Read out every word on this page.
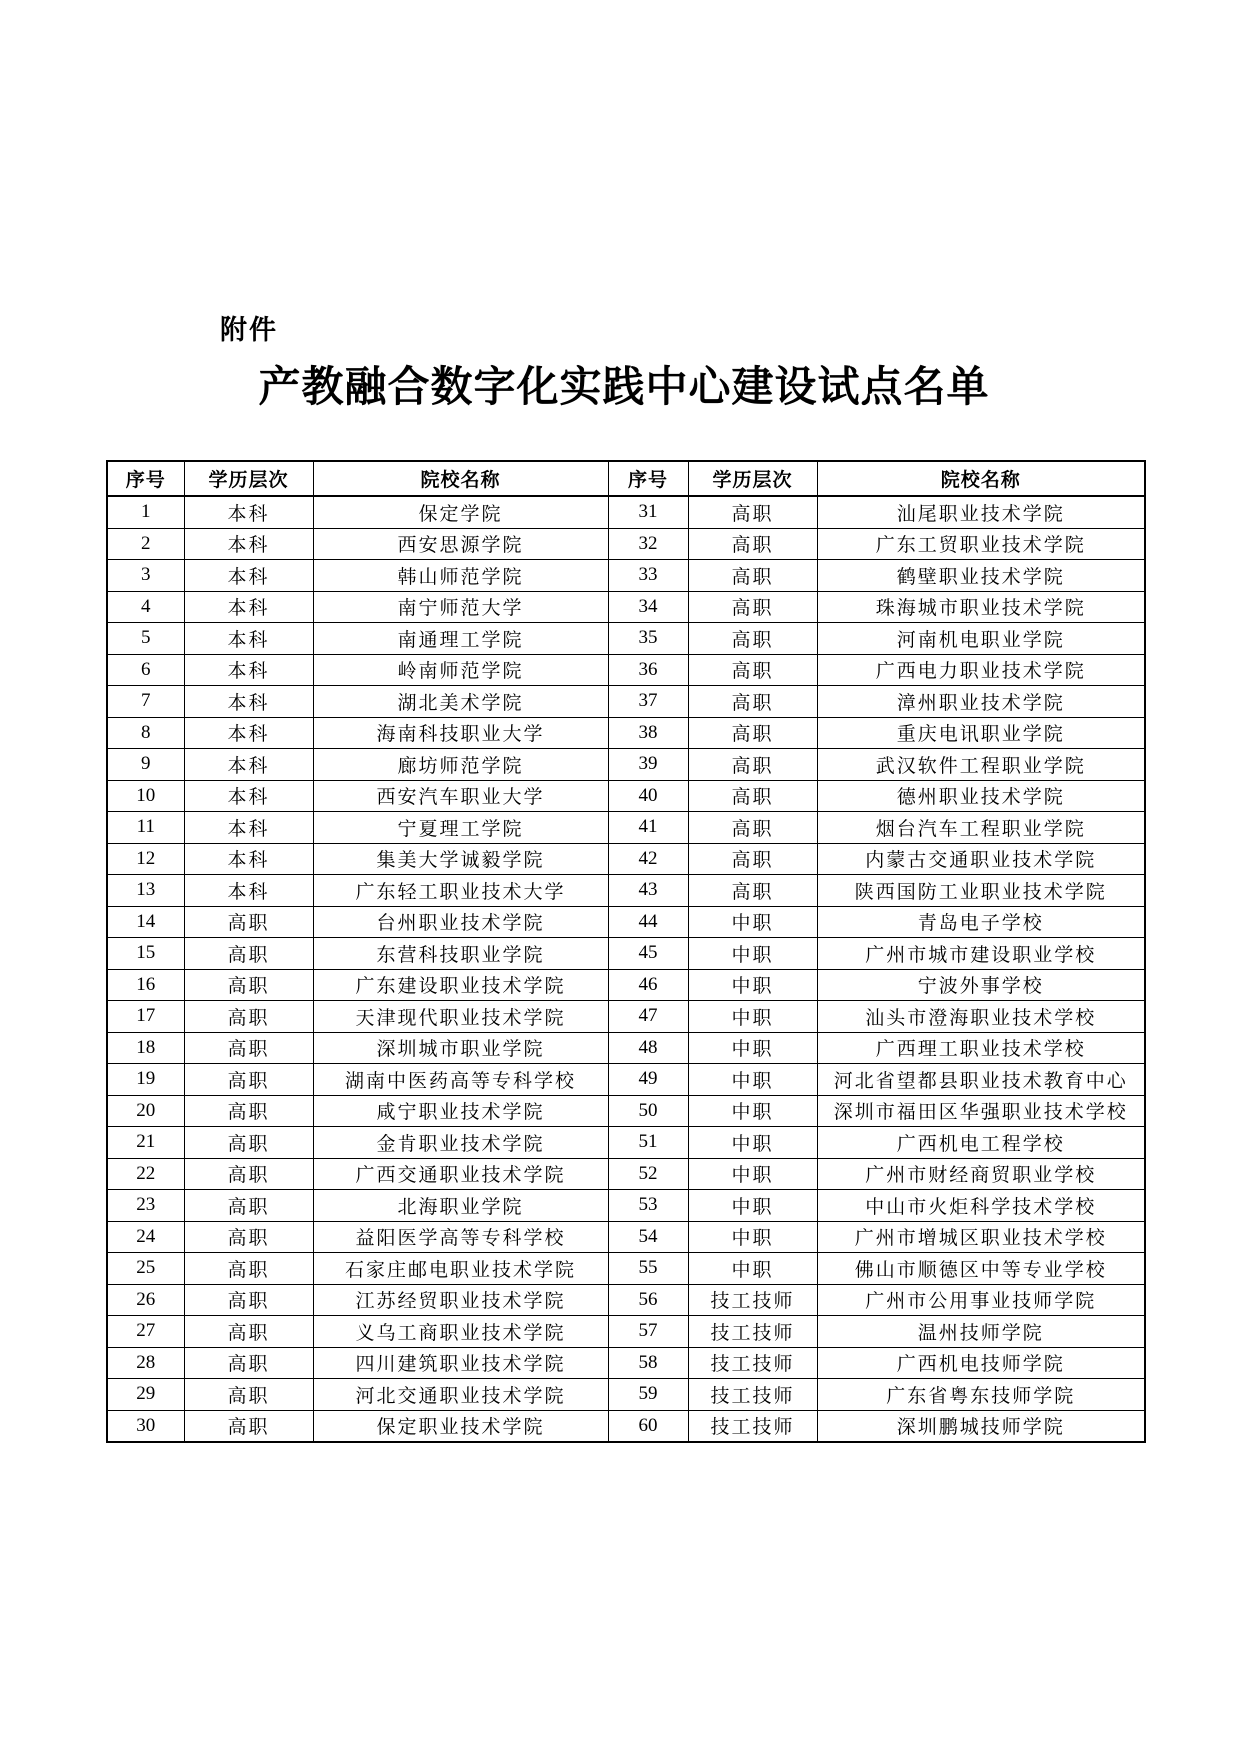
附件
产教融合数字化实践中心建设试点名单
序号	学历层次	院校名称	序号	学历层次	院校名称
1	本科	保定学院	31	高职	汕尾职业技术学院
2	本科	西安思源学院	32	高职	广东工贸职业技术学院
3	本科	韩山师范学院	33	高职	鹤壁职业技术学院
4	本科	南宁师范大学	34	高职	珠海城市职业技术学院
5	本科	南通理工学院	35	高职	河南机电职业学院
6	本科	岭南师范学院	36	高职	广西电力职业技术学院
7	本科	湖北美术学院	37	高职	漳州职业技术学院
8	本科	海南科技职业大学	38	高职	重庆电讯职业学院
9	本科	廊坊师范学院	39	高职	武汉软件工程职业学院
10	本科	西安汽车职业大学	40	高职	德州职业技术学院
11	本科	宁夏理工学院	41	高职	烟台汽车工程职业学院
12	本科	集美大学诚毅学院	42	高职	内蒙古交通职业技术学院
13	本科	广东轻工职业技术大学	43	高职	陕西国防工业职业技术学院
14	高职	台州职业技术学院	44	中职	青岛电子学校
15	高职	东营科技职业学院	45	中职	广州市城市建设职业学校
16	高职	广东建设职业技术学院	46	中职	宁波外事学校
17	高职	天津现代职业技术学院	47	中职	汕头市澄海职业技术学校
18	高职	深圳城市职业学院	48	中职	广西理工职业技术学校
19	高职	湖南中医药高等专科学校	49	中职	河北省望都县职业技术教育中心
20	高职	咸宁职业技术学院	50	中职	深圳市福田区华强职业技术学校
21	高职	金肯职业技术学院	51	中职	广西机电工程学校
22	高职	广西交通职业技术学院	52	中职	广州市财经商贸职业学校
23	高职	北海职业学院	53	中职	中山市火炬科学技术学校
24	高职	益阳医学高等专科学校	54	中职	广州市增城区职业技术学校
25	高职	石家庄邮电职业技术学院	55	中职	佛山市顺德区中等专业学校
26	高职	江苏经贸职业技术学院	56	技工技师	广州市公用事业技师学院
27	高职	义乌工商职业技术学院	57	技工技师	温州技师学院
28	高职	四川建筑职业技术学院	58	技工技师	广西机电技师学院
29	高职	河北交通职业技术学院	59	技工技师	广东省粤东技师学院
30	高职	保定职业技术学院	60	技工技师	深圳鹏城技师学院
